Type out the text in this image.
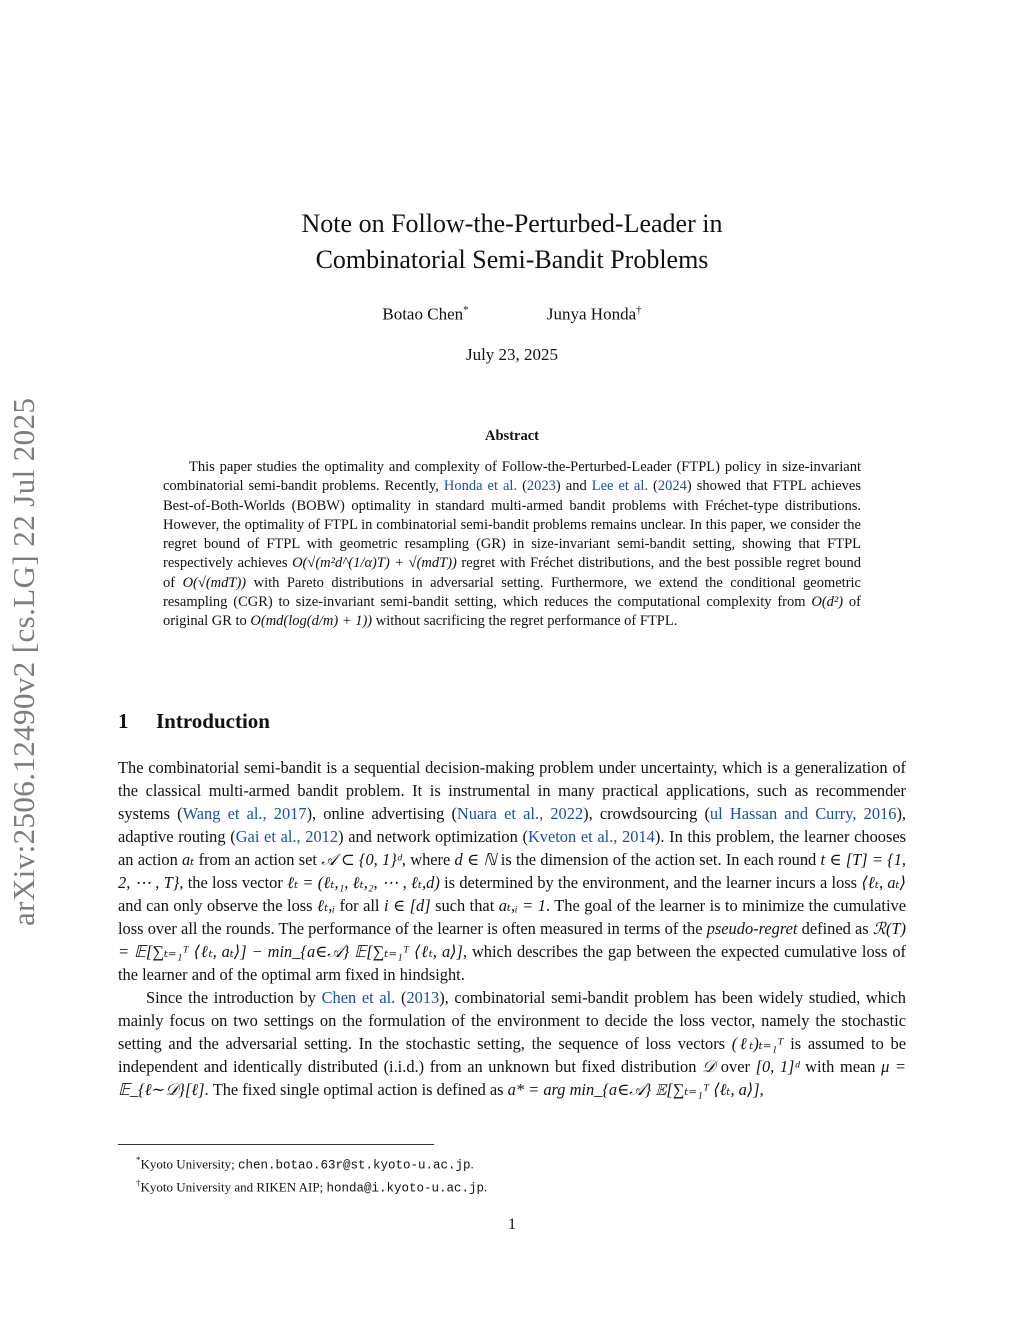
arXiv:2506.12490v2 [cs.LG] 22 Jul 2025
Note on Follow-the-Perturbed-Leader in
Combinatorial Semi-Bandit Problems
Botao Chen*	Junya Honda†
July 23, 2025
Abstract

This paper studies the optimality and complexity of Follow-the-Perturbed-Leader (FTPL) policy in size-invariant combinatorial semi-bandit problems. Recently, Honda et al. (2023) and Lee et al. (2024) showed that FTPL achieves Best-of-Both-Worlds (BOBW) optimality in standard multi-armed bandit problems with Fréchet-type distributions. However, the optimality of FTPL in combinatorial semi-bandit problems remains unclear. In this paper, we consider the regret bound of FTPL with geometric resampling (GR) in size-invariant semi-bandit setting, showing that FTPL respectively achieves O(√(m²d^(1/α)T) + √(mdT)) regret with Fréchet distributions, and the best possible regret bound of O(√(mdT)) with Pareto distributions in adversarial setting. Furthermore, we extend the conditional geometric resampling (CGR) to size-invariant semi-bandit setting, which reduces the computational complexity from O(d²) of original GR to O(md(log(d/m) + 1)) without sacrificing the regret performance of FTPL.

1 Introduction

The combinatorial semi-bandit is a sequential decision-making problem under uncertainty, which is a generalization of the classical multi-armed bandit problem. It is instrumental in many practical applications, such as recommender systems (Wang et al., 2017), online advertising (Nuara et al., 2022), crowdsourcing (ul Hassan and Curry, 2016), adaptive routing (Gai et al., 2012) and network optimization (Kveton et al., 2014). In this problem, the learner chooses an action aₜ from an action set 𝒜 ⊂ {0, 1}ᵈ, where d ∈ ℕ is the dimension of the action set. In each round t ∈ [T] = {1, 2, ⋯ , T}, the loss vector ℓₜ = (ℓₜ,₁, ℓₜ,₂, ⋯ , ℓₜ,d) is determined by the environment, and the learner incurs a loss ⟨ℓₜ, aₜ⟩ and can only observe the loss ℓₜ,ᵢ for all i ∈ [d] such that aₜ,ᵢ = 1. The goal of the learner is to minimize the cumulative loss over all the rounds. The performance of the learner is often measured in terms of the pseudo-regret defined as ℛ(T) = 𝔼[∑ₜ₌₁ᵀ ⟨ℓₜ, aₜ⟩] − min_{a∈𝒜} 𝔼[∑ₜ₌₁ᵀ ⟨ℓₜ, a⟩], which describes the gap between the expected cumulative loss of the learner and of the optimal arm fixed in hindsight.

Since the introduction by Chen et al. (2013), combinatorial semi-bandit problem has been widely studied, which mainly focus on two settings on the formulation of the environment to decide the loss vector, namely the stochastic setting and the adversarial setting. In the stochastic setting, the sequence of loss vectors (ℓₜ)ₜ₌₁ᵀ is assumed to be independent and identically distributed (i.i.d.) from an unknown but fixed distribution 𝒟 over [0, 1]ᵈ with mean μ = 𝔼_{ℓ∼𝒟}[ℓ]. The fixed single optimal action is defined as a* = arg min_{a∈𝒜} 𝔼[∑ₜ₌₁ᵀ ⟨ℓₜ, a⟩],

*Kyoto University; chen.botao.63r@st.kyoto-u.ac.jp.
†Kyoto University and RIKEN AIP; honda@i.kyoto-u.ac.jp.
1
